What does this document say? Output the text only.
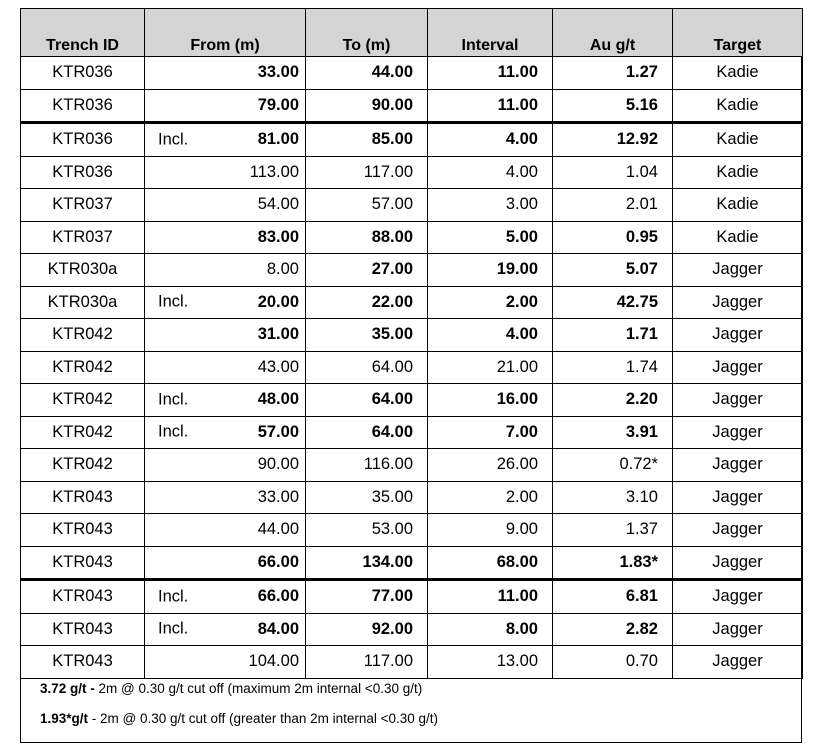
Trench ID	From (m)	To (m)	Interval	Au g/t	Target
KTR036	33.00	44.00	11.00	1.27	Kadie
KTR036	79.00	90.00	11.00	5.16	Kadie
KTR036	Incl. 81.00	85.00	4.00	12.92	Kadie
KTR036	113.00	117.00	4.00	1.04	Kadie
KTR037	54.00	57.00	3.00	2.01	Kadie
KTR037	83.00	88.00	5.00	0.95	Kadie
KTR030a	8.00	27.00	19.00	5.07	Jagger
KTR030a	Incl. 20.00	22.00	2.00	42.75	Jagger
KTR042	31.00	35.00	4.00	1.71	Jagger
KTR042	43.00	64.00	21.00	1.74	Jagger
KTR042	Incl. 48.00	64.00	16.00	2.20	Jagger
KTR042	Incl. 57.00	64.00	7.00	3.91	Jagger
KTR042	90.00	116.00	26.00	0.72*	Jagger
KTR043	33.00	35.00	2.00	3.10	Jagger
KTR043	44.00	53.00	9.00	1.37	Jagger
KTR043	66.00	134.00	68.00	1.83*	Jagger
KTR043	Incl. 66.00	77.00	11.00	6.81	Jagger
KTR043	Incl. 84.00	92.00	8.00	2.82	Jagger
KTR043	104.00	117.00	13.00	0.70	Jagger

3.72 g/t - 2m @ 0.30 g/t cut off (maximum 2m internal <0.30 g/t)

1.93*g/t - 2m @ 0.30 g/t cut off (greater than 2m internal <0.30 g/t)
